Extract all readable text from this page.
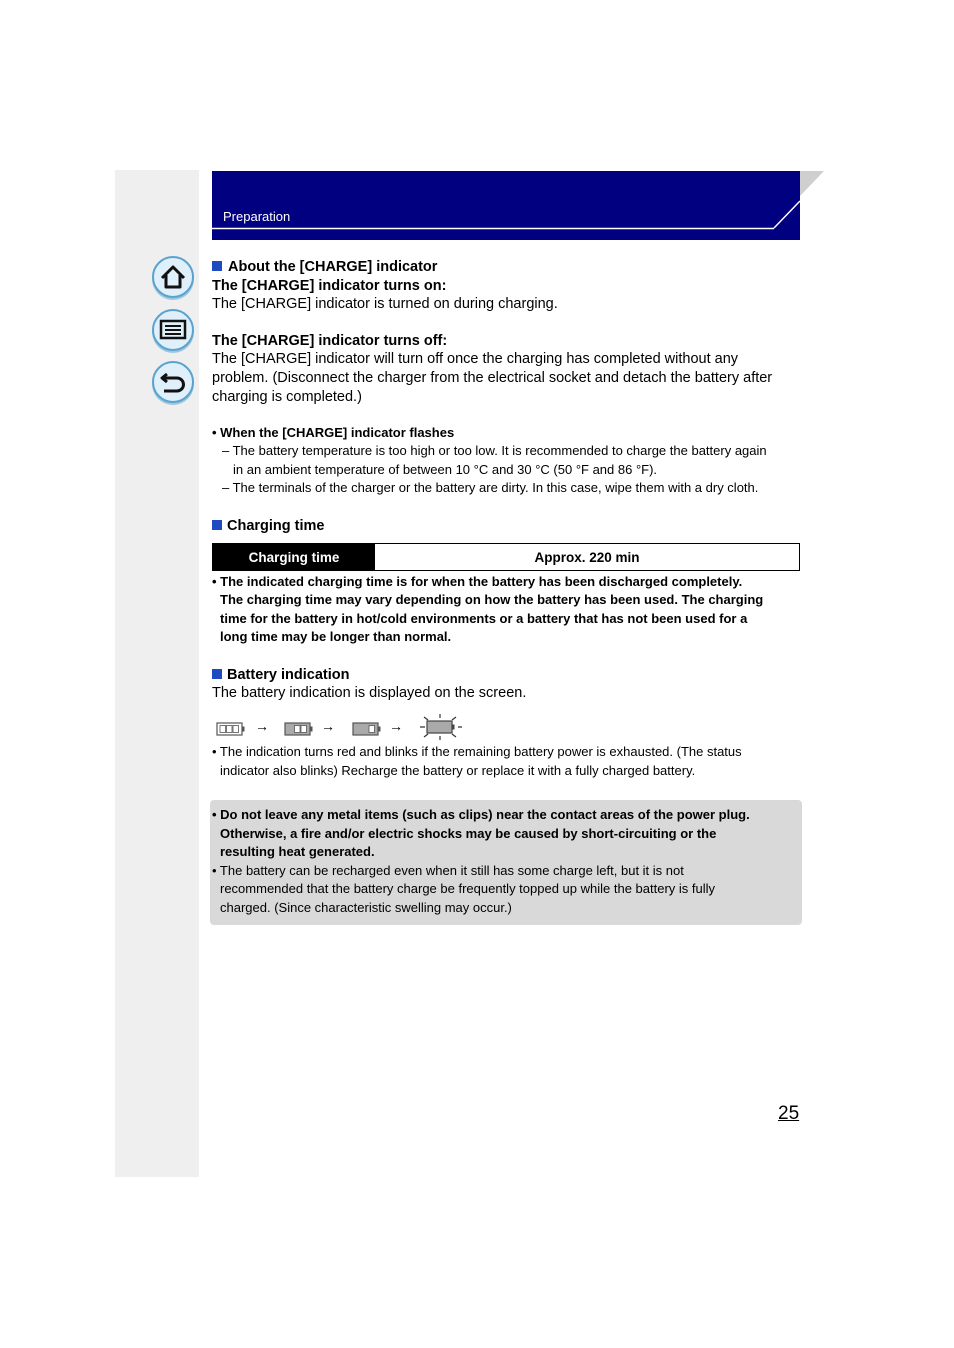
Preparation
About the [CHARGE] indicator
The [CHARGE] indicator turns on:
The [CHARGE] indicator is turned on during charging.
The [CHARGE] indicator turns off:
The [CHARGE] indicator will turn off once the charging has completed without any
problem. (Disconnect the charger from the electrical socket and detach the battery after
charging is completed.)
• When the [CHARGE] indicator flashes
– The battery temperature is too high or too low. It is recommended to charge the battery again
in an ambient temperature of between 10 °C and 30 °C (50 °F and 86 °F).
– The terminals of the charger or the battery are dirty. In this case, wipe them with a dry cloth.
Charging time
Charging time	Approx. 220 min
• The indicated charging time is for when the battery has been discharged completely.
The charging time may vary depending on how the battery has been used. The charging
time for the battery in hot/cold environments or a battery that has not been used for a
long time may be longer than normal.
Battery indication
The battery indication is displayed on the screen.
→	→	→
• The indication turns red and blinks if the remaining battery power is exhausted. (The status
indicator also blinks) Recharge the battery or replace it with a fully charged battery.
• Do not leave any metal items (such as clips) near the contact areas of the power plug.
Otherwise, a fire and/or electric shocks may be caused by short-circuiting or the
resulting heat generated.
• The battery can be recharged even when it still has some charge left, but it is not
recommended that the battery charge be frequently topped up while the battery is fully
charged. (Since characteristic swelling may occur.)
25
